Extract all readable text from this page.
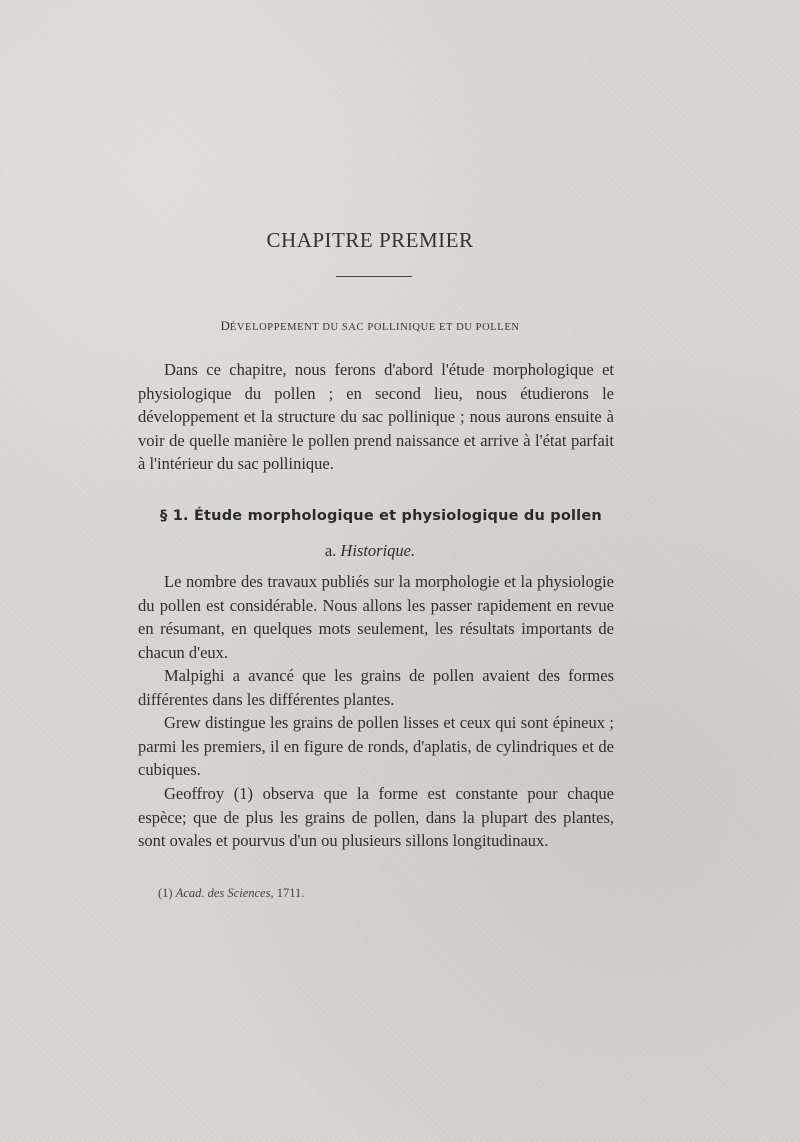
CHAPITRE PREMIER
DÉVELOPPEMENT DU SAC POLLINIQUE ET DU POLLEN

Dans ce chapitre, nous ferons d'abord l'étude morphologique et physiologique du pollen ; en second lieu, nous étudierons le développement et la structure du sac pollinique ; nous aurons ensuite à voir de quelle manière le pollen prend naissance et arrive à l'état parfait à l'intérieur du sac pollinique.

§ 1. Étude morphologique et physiologique du pollen
a. Historique.

Le nombre des travaux publiés sur la morphologie et la physiologie du pollen est considérable. Nous allons les passer rapidement en revue en résumant, en quelques mots seulement, les résultats importants de chacun d'eux.

Malpighi a avancé que les grains de pollen avaient des formes différentes dans les différentes plantes.

Grew distingue les grains de pollen lisses et ceux qui sont épineux ; parmi les premiers, il en figure de ronds, d'aplatis, de cylindriques et de cubiques.

Geoffroy (1) observa que la forme est constante pour chaque espèce; que de plus les grains de pollen, dans la plupart des plantes, sont ovales et pourvus d'un ou plusieurs sillons longitudinaux.

(1) Acad. des Sciences, 1711.
